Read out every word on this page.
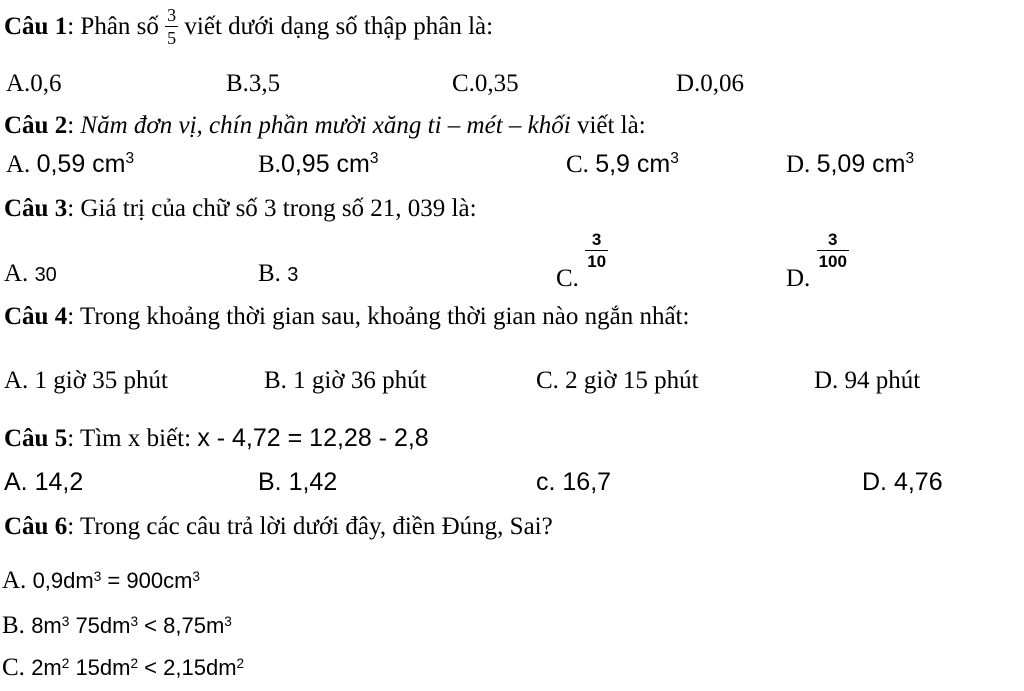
Câu 1: Phân số $\frac{3}{5}$ viết dưới dạng số thập phân là:
A.0,6	B.3,5	C.0,35	D.0,06
Câu 2: Năm đơn vị, chín phần mười xăng ti – mét – khối viết là:
A. 0,59 $cm^3$	B.0,95 $cm^3$	C. 5,9 $cm^3$	D. 5,09 $cm^3$
Câu 3: Giá trị của chữ số 3 trong số 21, 039 là:
A. 30	B. 3	C.
$\frac{3}{10}$
D.
$\frac{3}{100}$
Câu 4: Trong khoảng thời gian sau, khoảng thời gian nào ngắn nhất:
A. 1 giờ 35 phút	B. 1 giờ 36 phút	C. 2 giờ 15 phút	D. 94 phút
Câu 5: Tìm x biết: x - 4,72 = 12,28 - 2,8
A. 14,2	B. 1,42	c. 16,7	D. 4,76
Câu 6: Trong các câu trả lời dưới đây, điền Đúng, Sai?
A. $0,9dm^3 = 900cm^3$
B. $8m^3$ $75dm^3 < 8,75m^3$
C. $2m^2$ $15dm^2 < 2,15dm^2$
